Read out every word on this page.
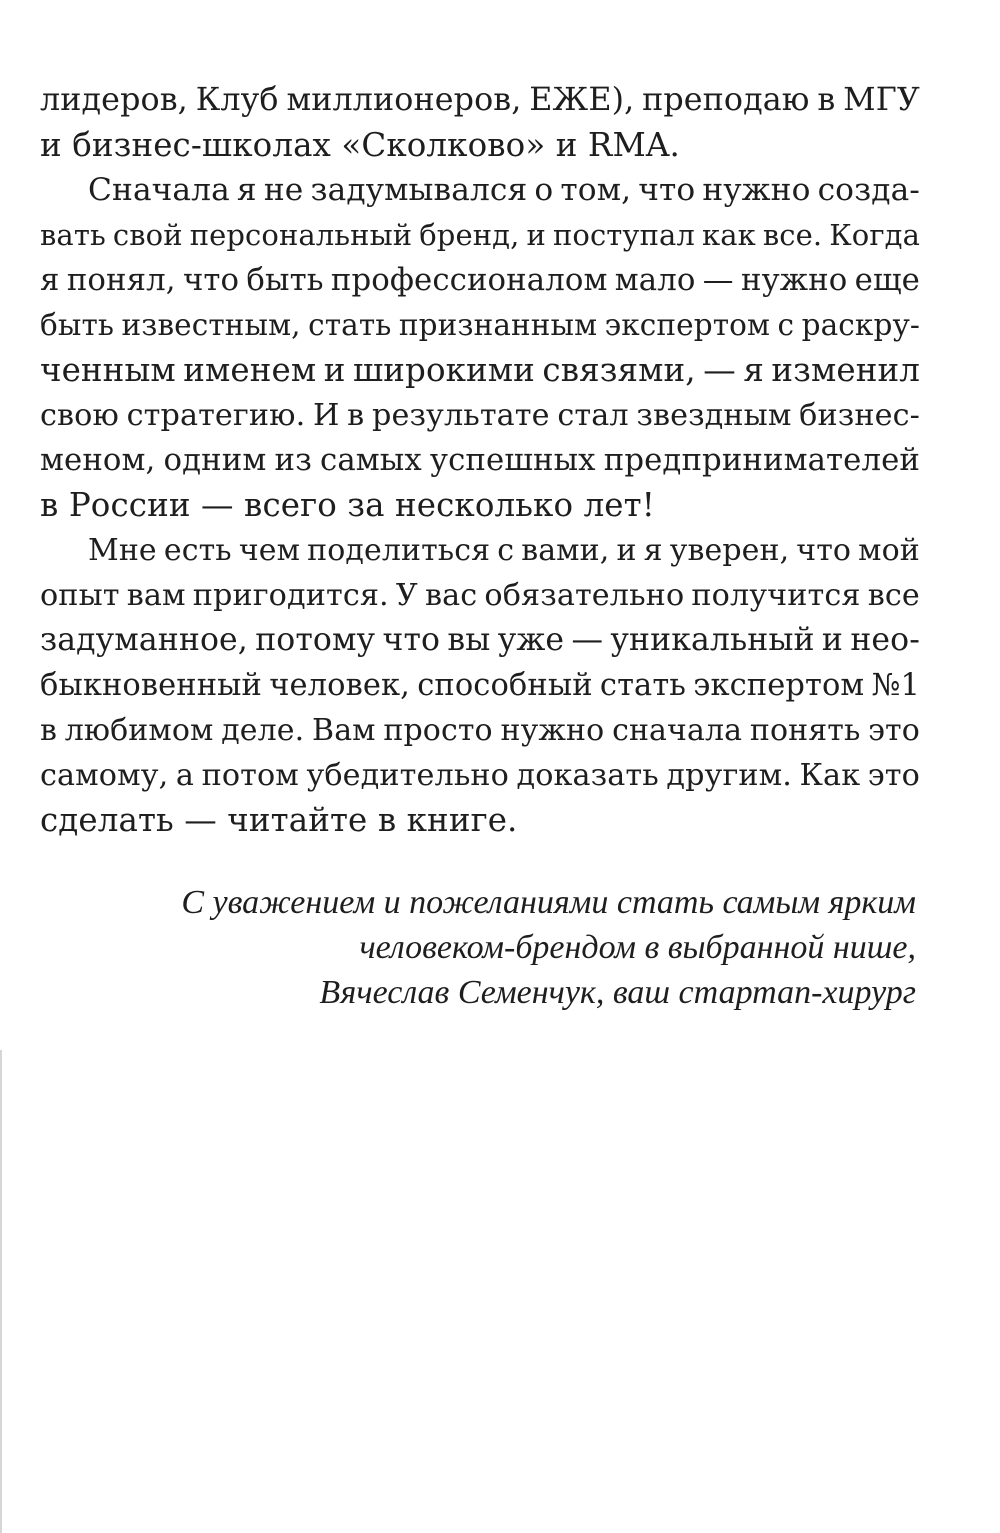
лидеров, Клуб миллионеров, ЕЖЕ), преподаю в МГУ
и бизнес-школах «Сколково» и RMA.
Сначала я не задумывался о том, что нужно созда-
вать свой персональный бренд, и поступал как все. Когда
я понял, что быть профессионалом мало — нужно еще
быть известным, стать признанным экспертом с раскру-
ченным именем и широкими связями, — я изменил
свою стратегию. И в результате стал звездным бизнес-
меном, одним из самых успешных предпринимателей
в России — всего за несколько лет!
Мне есть чем поделиться с вами, и я уверен, что мой
опыт вам пригодится. У вас обязательно получится все
задуманное, потому что вы уже — уникальный и нео-
быкновенный человек, способный стать экспертом №1
в любимом деле. Вам просто нужно сначала понять это
самому, а потом убедительно доказать другим. Как это
сделать — читайте в книге.
С уважением и пожеланиями стать самым ярким
человеком-брендом в выбранной нише,
Вячеслав Семенчук, ваш стартап-хирург
